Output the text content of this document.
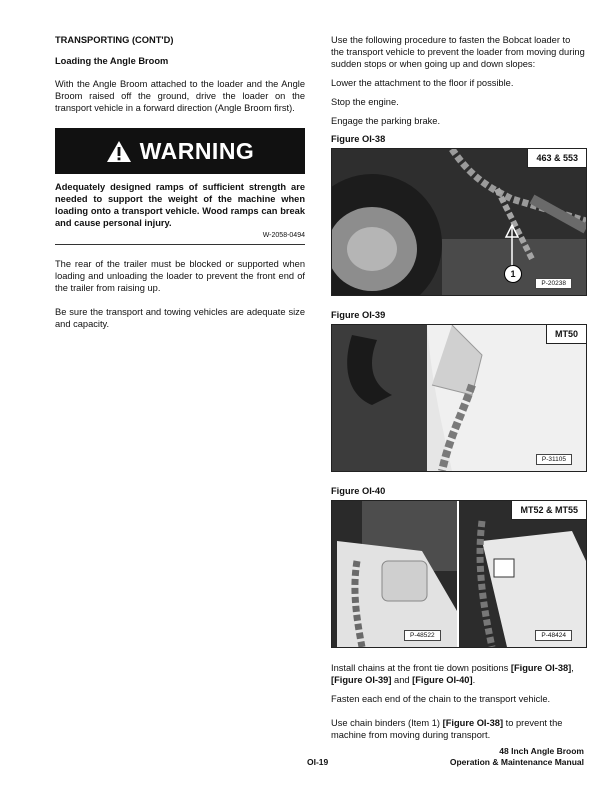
TRANSPORTING (CONT'D)
Loading the Angle Broom

With the Angle Broom attached to the loader and the Angle Broom raised off the ground, drive the loader on the transport vehicle in a forward direction (Angle Broom first).

WARNING
Adequately designed ramps of sufficient strength are needed to support the weight of the machine when loading onto a transport vehicle. Wood ramps can break and cause personal injury.
W-2058-0494

The rear of the trailer must be blocked or supported when loading and unloading the loader to prevent the front end of the trailer from raising up.

Be sure the transport and towing vehicles are adequate size and capacity.

Use the following procedure to fasten the Bobcat loader to the transport vehicle to prevent the loader from moving during sudden stops or when going up and down slopes:

Lower the attachment to the floor if possible.

Stop the engine.

Engage the parking brake.

Figure OI-38
463 & 553
1
P-20238
Figure OI-39
MT50
P-31105
Figure OI-40
MT52 & MT55
P-48522	P-48424

Install chains at the front tie down positions [Figure OI-38], [Figure OI-39] and [Figure OI-40].

Fasten each end of the chain to the transport vehicle.

Use chain binders (Item 1) [Figure OI-38] to prevent the machine from moving during transport.

OI-19
48 Inch Angle Broom
Operation & Maintenance Manual
